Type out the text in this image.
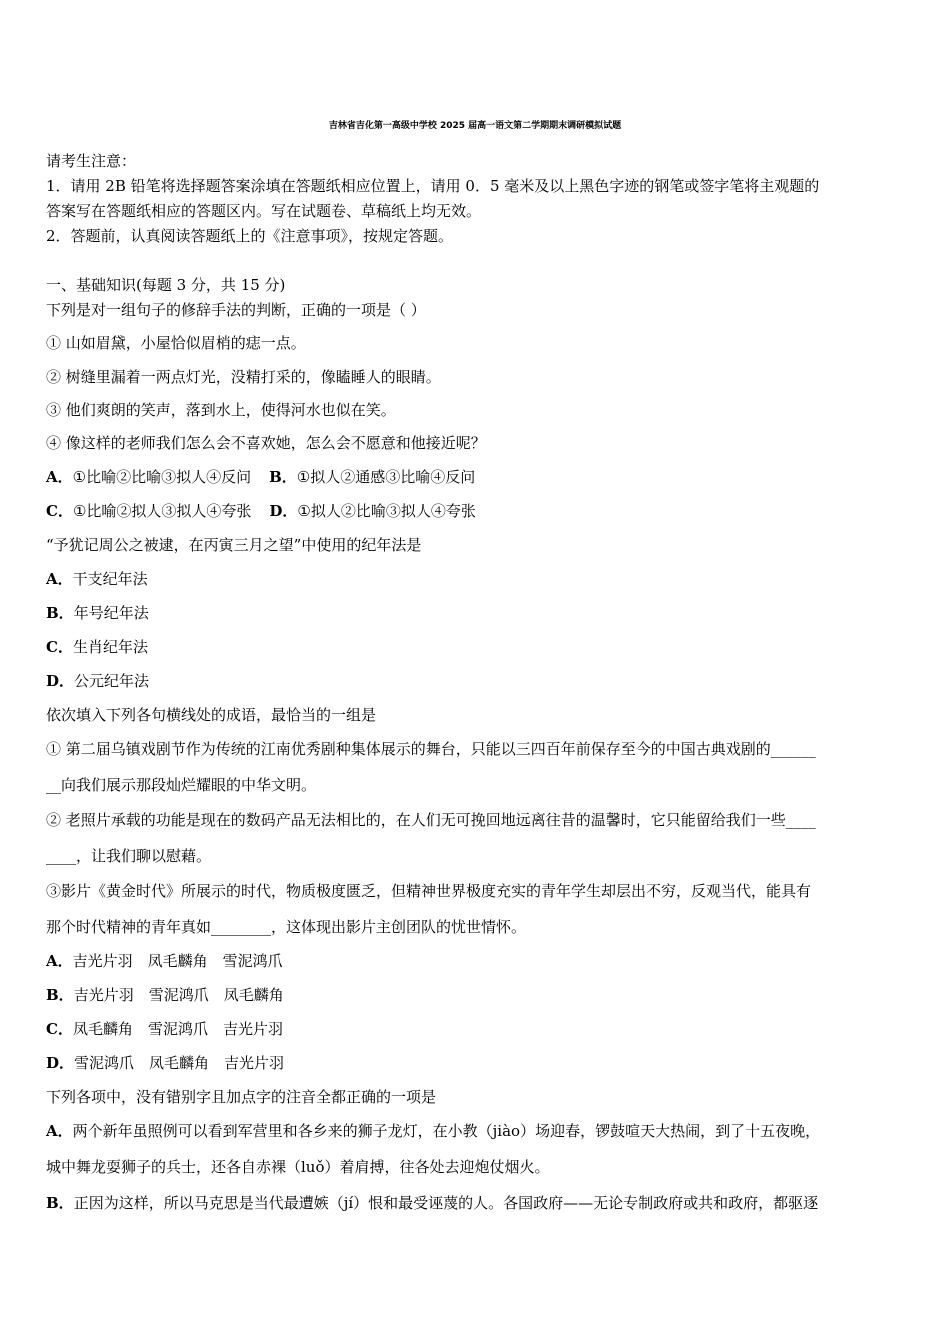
吉林省吉化第一高级中学校 2025 届高一语文第二学期期末调研模拟试题
请考生注意：
1．请用 2B 铅笔将选择题答案涂填在答题纸相应位置上，请用 0．5 毫米及以上黑色字迹的钢笔或签字笔将主观题的
答案写在答题纸相应的答题区内。写在试题卷、草稿纸上均无效。
2．答题前，认真阅读答题纸上的《注意事项》，按规定答题。
一、基础知识(每题 3 分，共 15 分)
下列是对一组句子的修辞手法的判断，正确的一项是（ ）
① 山如眉黛，小屋恰似眉梢的痣一点。
② 树缝里漏着一两点灯光，没精打采的，像瞌睡人的眼睛。
③ 他们爽朗的笑声，落到水上，使得河水也似在笑。
④ 像这样的老师我们怎么会不喜欢她，怎么会不愿意和他接近呢？
A．①比喻②比喻③拟人④反问 B．①拟人②通感③比喻④反问
C．①比喻②拟人③拟人④夸张 D．①拟人②比喻③拟人④夸张
“予犹记周公之被逮，在丙寅三月之望”中使用的纪年法是
A．干支纪年法
B．年号纪年法
C．生肖纪年法
D．公元纪年法
依次填入下列各句横线处的成语，最恰当的一组是
① 第二届乌镇戏剧节作为传统的江南优秀剧种集体展示的舞台，只能以三四百年前保存至今的中国古典戏剧的______
__向我们展示那段灿烂耀眼的中华文明。
② 老照片承载的功能是现在的数码产品无法相比的，在人们无可挽回地远离往昔的温馨时，它只能留给我们一些____
____，让我们聊以慰藉。
③影片《黄金时代》所展示的时代，物质极度匮乏，但精神世界极度充实的青年学生却层出不穷，反观当代，能具有
那个时代精神的青年真如________，这体现出影片主创团队的忧世情怀。
A．吉光片羽　凤毛麟角　雪泥鸿爪
B．吉光片羽　雪泥鸿爪　凤毛麟角
C．凤毛麟角　雪泥鸿爪　吉光片羽
D．雪泥鸿爪　凤毛麟角　吉光片羽
下列各项中，没有错别字且加点字的注音全都正确的一项是
A．两个新年虽照例可以看到军营里和各乡来的狮子龙灯，在小教（jiào）场迎春，锣鼓喧天大热闹，到了十五夜晚，
城中舞龙耍狮子的兵士，还各自赤裸（luǒ）着肩搏，往各处去迎炮仗烟火。
B．正因为这样，所以马克思是当代最遭嫉（jí）恨和最受诬蔑的人。各国政府——无论专制政府或共和政府，都驱逐
